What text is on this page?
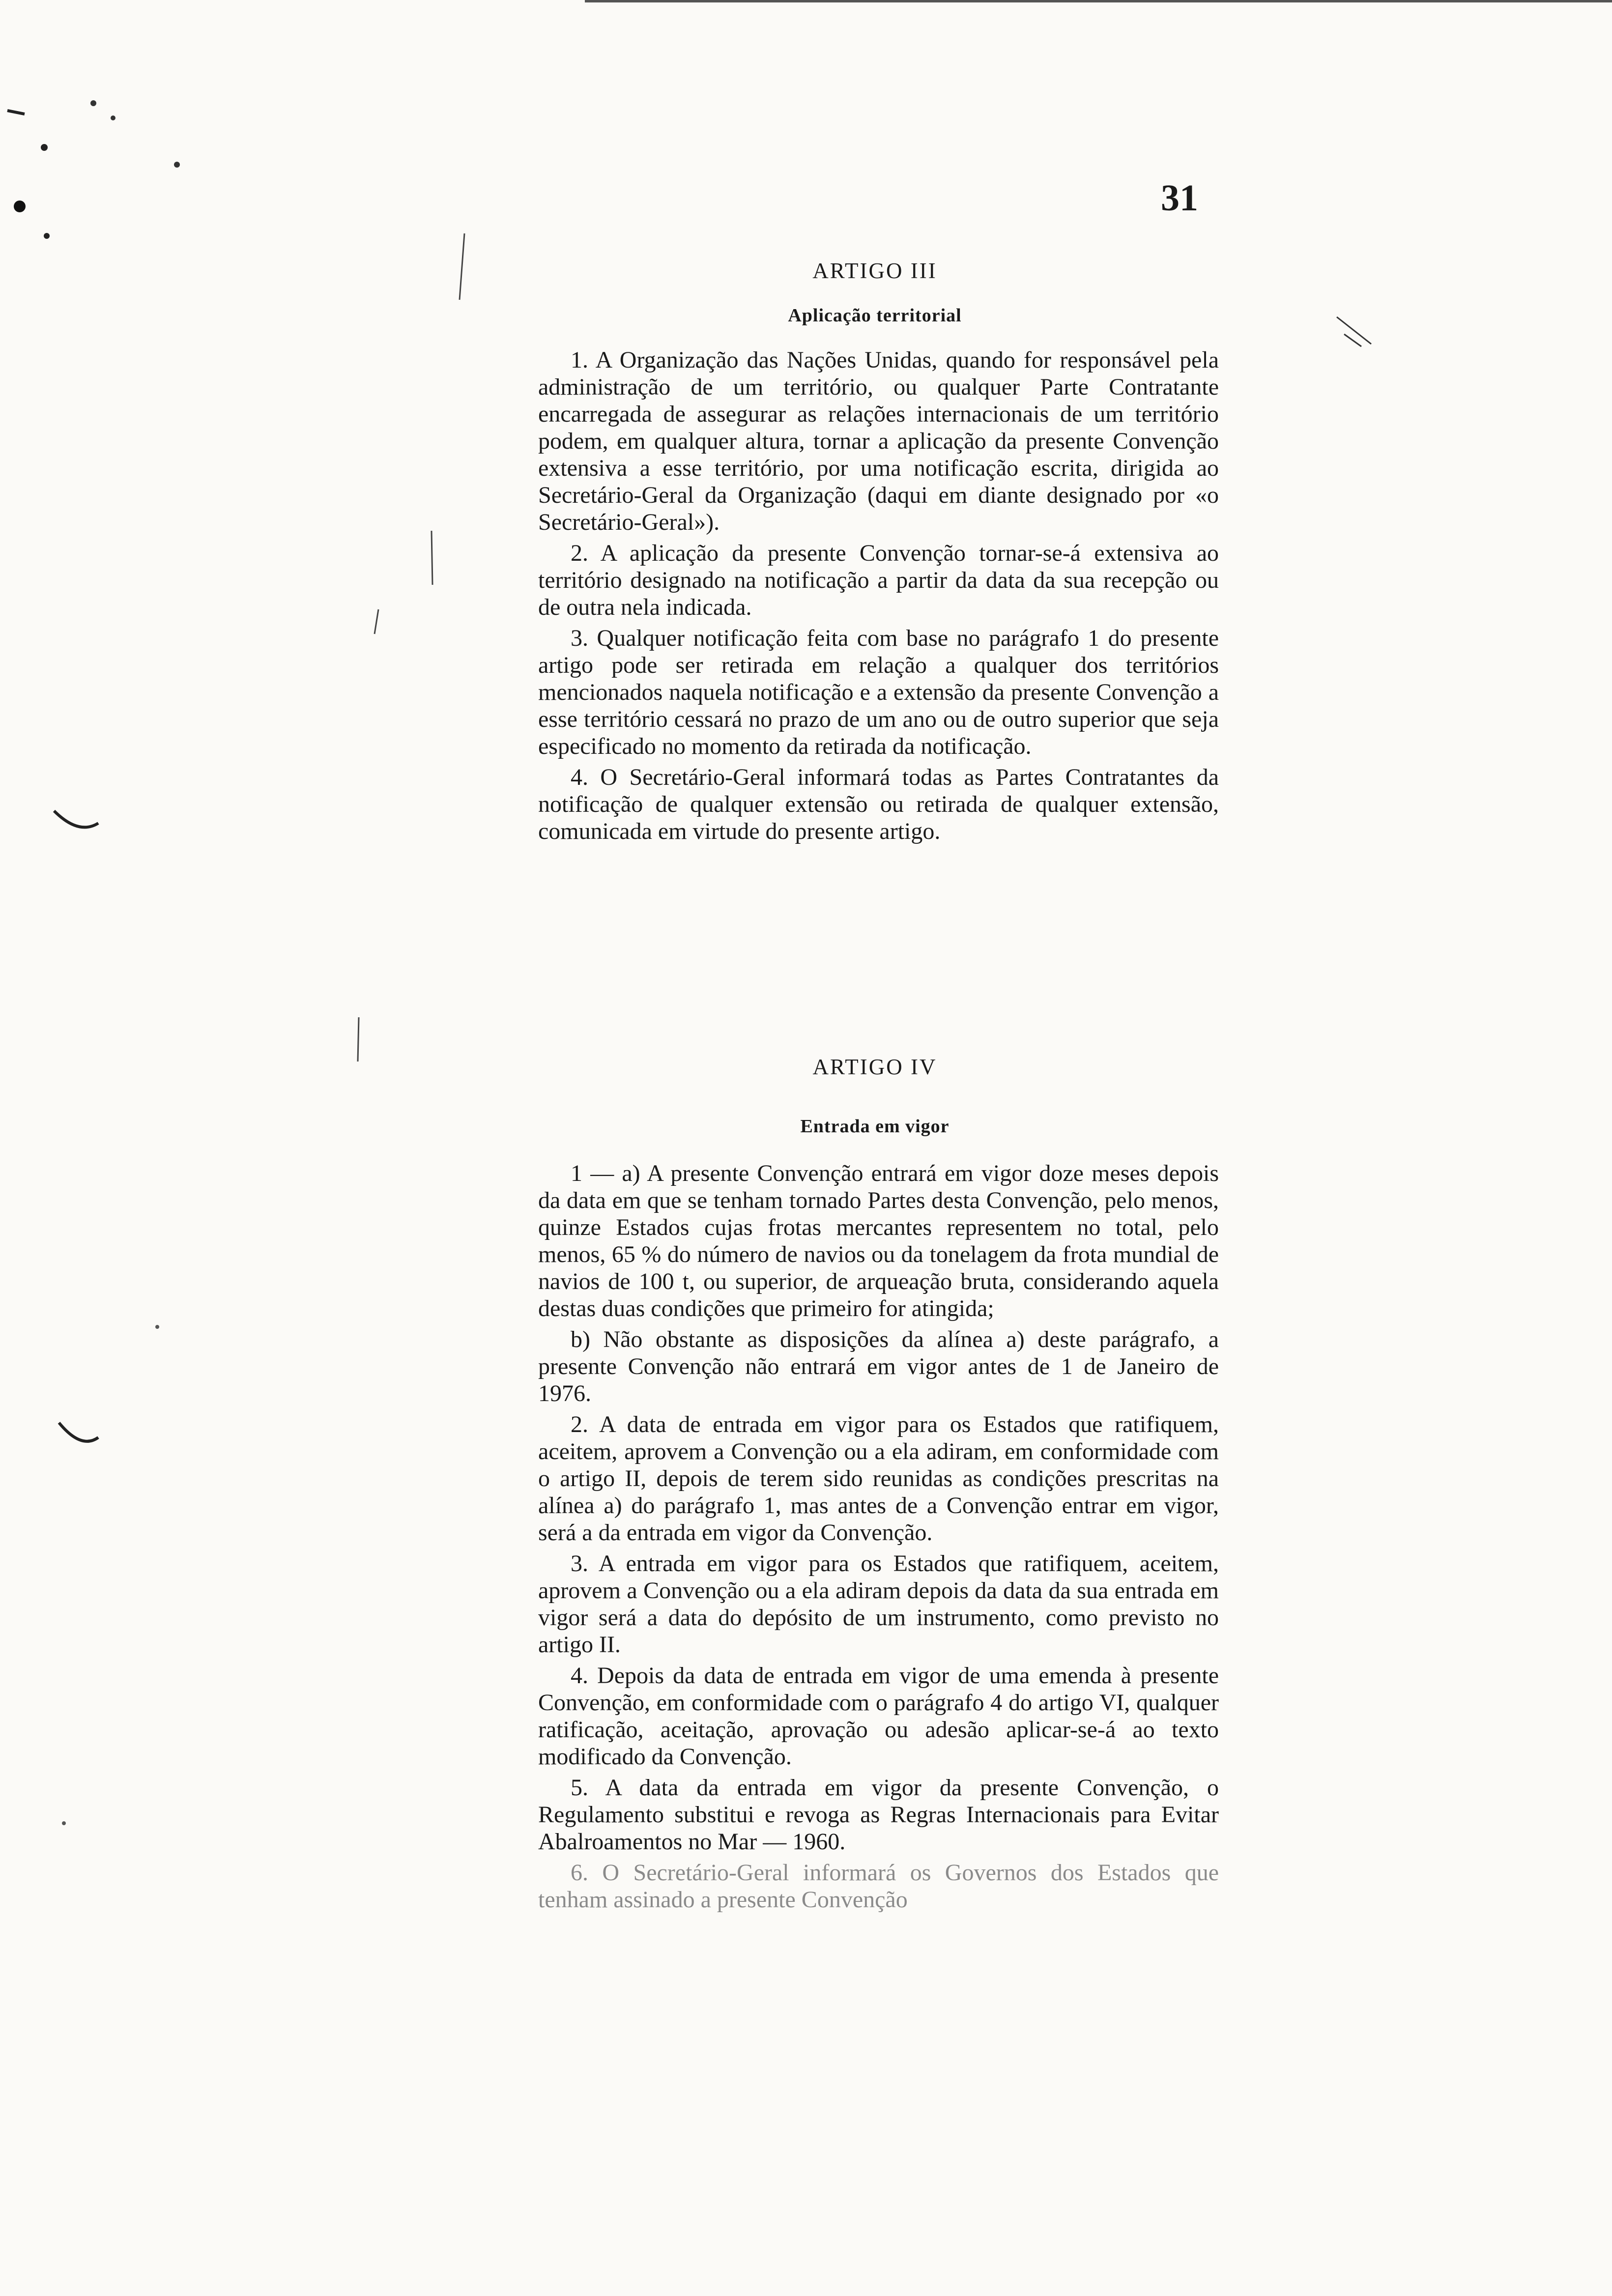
31
ARTIGO III
Aplicação territorial

1. A Organização das Nações Unidas, quando for responsável pela administração de um território, ou qualquer Parte Contratante encarregada de assegurar as relações internacionais de um território podem, em qualquer altura, tornar a aplicação da presente Convenção extensiva a esse território, por uma notificação escrita, dirigida ao Secretário-Geral da Organização (daqui em diante designado por «o Secretário-Geral»).

2. A aplicação da presente Convenção tornar-se-á extensiva ao território designado na notificação a partir da data da sua recepção ou de outra nela indicada.

3. Qualquer notificação feita com base no parágrafo 1 do presente artigo pode ser retirada em relação a qualquer dos territórios mencionados naquela notificação e a extensão da presente Convenção a esse território cessará no prazo de um ano ou de outro superior que seja especificado no momento da retirada da notificação.

4. O Secretário-Geral informará todas as Partes Contratantes da notificação de qualquer extensão ou retirada de qualquer extensão, comunicada em virtude do presente artigo.

ARTIGO IV
Entrada em vigor

1 — a) A presente Convenção entrará em vigor doze meses depois da data em que se tenham tornado Partes desta Convenção, pelo menos, quinze Estados cujas frotas mercantes representem no total, pelo menos, 65 % do número de navios ou da tonelagem da frota mundial de navios de 100 t, ou superior, de arqueação bruta, considerando aquela destas duas condições que primeiro for atingida;

b) Não obstante as disposições da alínea a) deste parágrafo, a presente Convenção não entrará em vigor antes de 1 de Janeiro de 1976.

2. A data de entrada em vigor para os Estados que ratifiquem, aceitem, aprovem a Convenção ou a ela adiram, em conformidade com o artigo II, depois de terem sido reunidas as condições prescritas na alínea a) do parágrafo 1, mas antes de a Convenção entrar em vigor, será a da entrada em vigor da Convenção.

3. A entrada em vigor para os Estados que ratifiquem, aceitem, aprovem a Convenção ou a ela adiram depois da data da sua entrada em vigor será a data do depósito de um instrumento, como previsto no artigo II.

4. Depois da data de entrada em vigor de uma emenda à presente Convenção, em conformidade com o parágrafo 4 do artigo VI, qualquer ratificação, aceitação, aprovação ou adesão aplicar-se-á ao texto modificado da Convenção.

5. A data da entrada em vigor da presente Convenção, o Regulamento substitui e revoga as Regras Internacionais para Evitar Abalroamentos no Mar — 1960.

6. O Secretário-Geral informará os Governos dos Estados que tenham assinado a presente Convenção
